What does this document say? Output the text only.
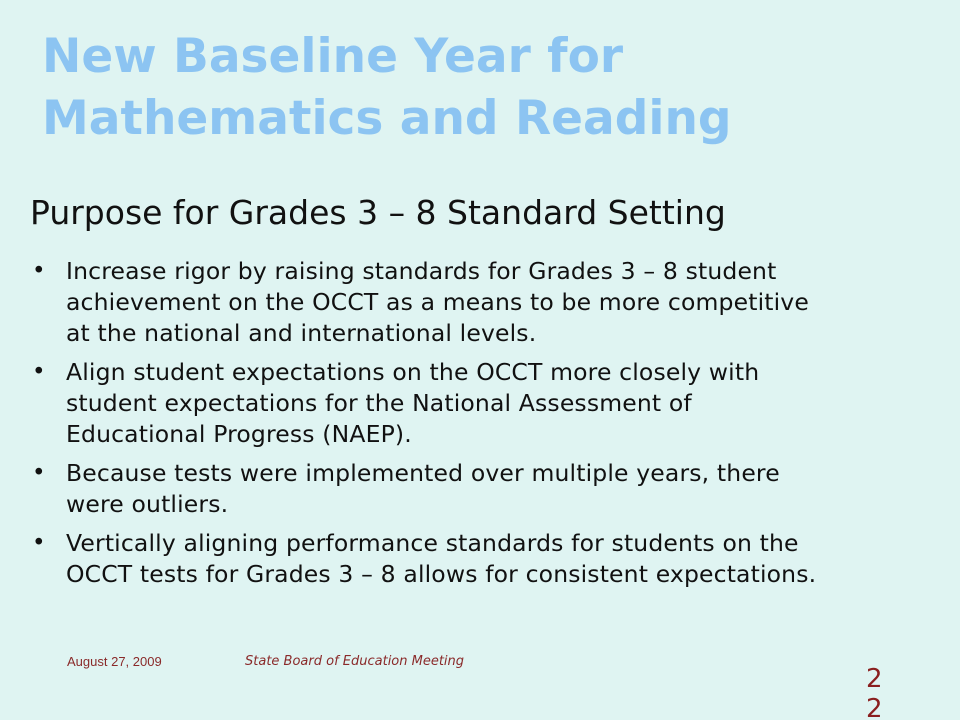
New Baseline Year for
Mathematics and Reading
Purpose for Grades 3 – 8 Standard Setting
• Increase rigor by raising standards for Grades 3 – 8 student
achievement on the OCCT as a means to be more competitive
at the national and international levels.
• Align student expectations on the OCCT more closely with
student expectations for the National Assessment of
Educational Progress (NAEP).
• Because tests were implemented over multiple years, there
were outliers.
• Vertically aligning performance standards for students on the
OCCT tests for Grades 3 – 8 allows for consistent expectations.
August 27, 2009	State Board of Education Meeting
22
